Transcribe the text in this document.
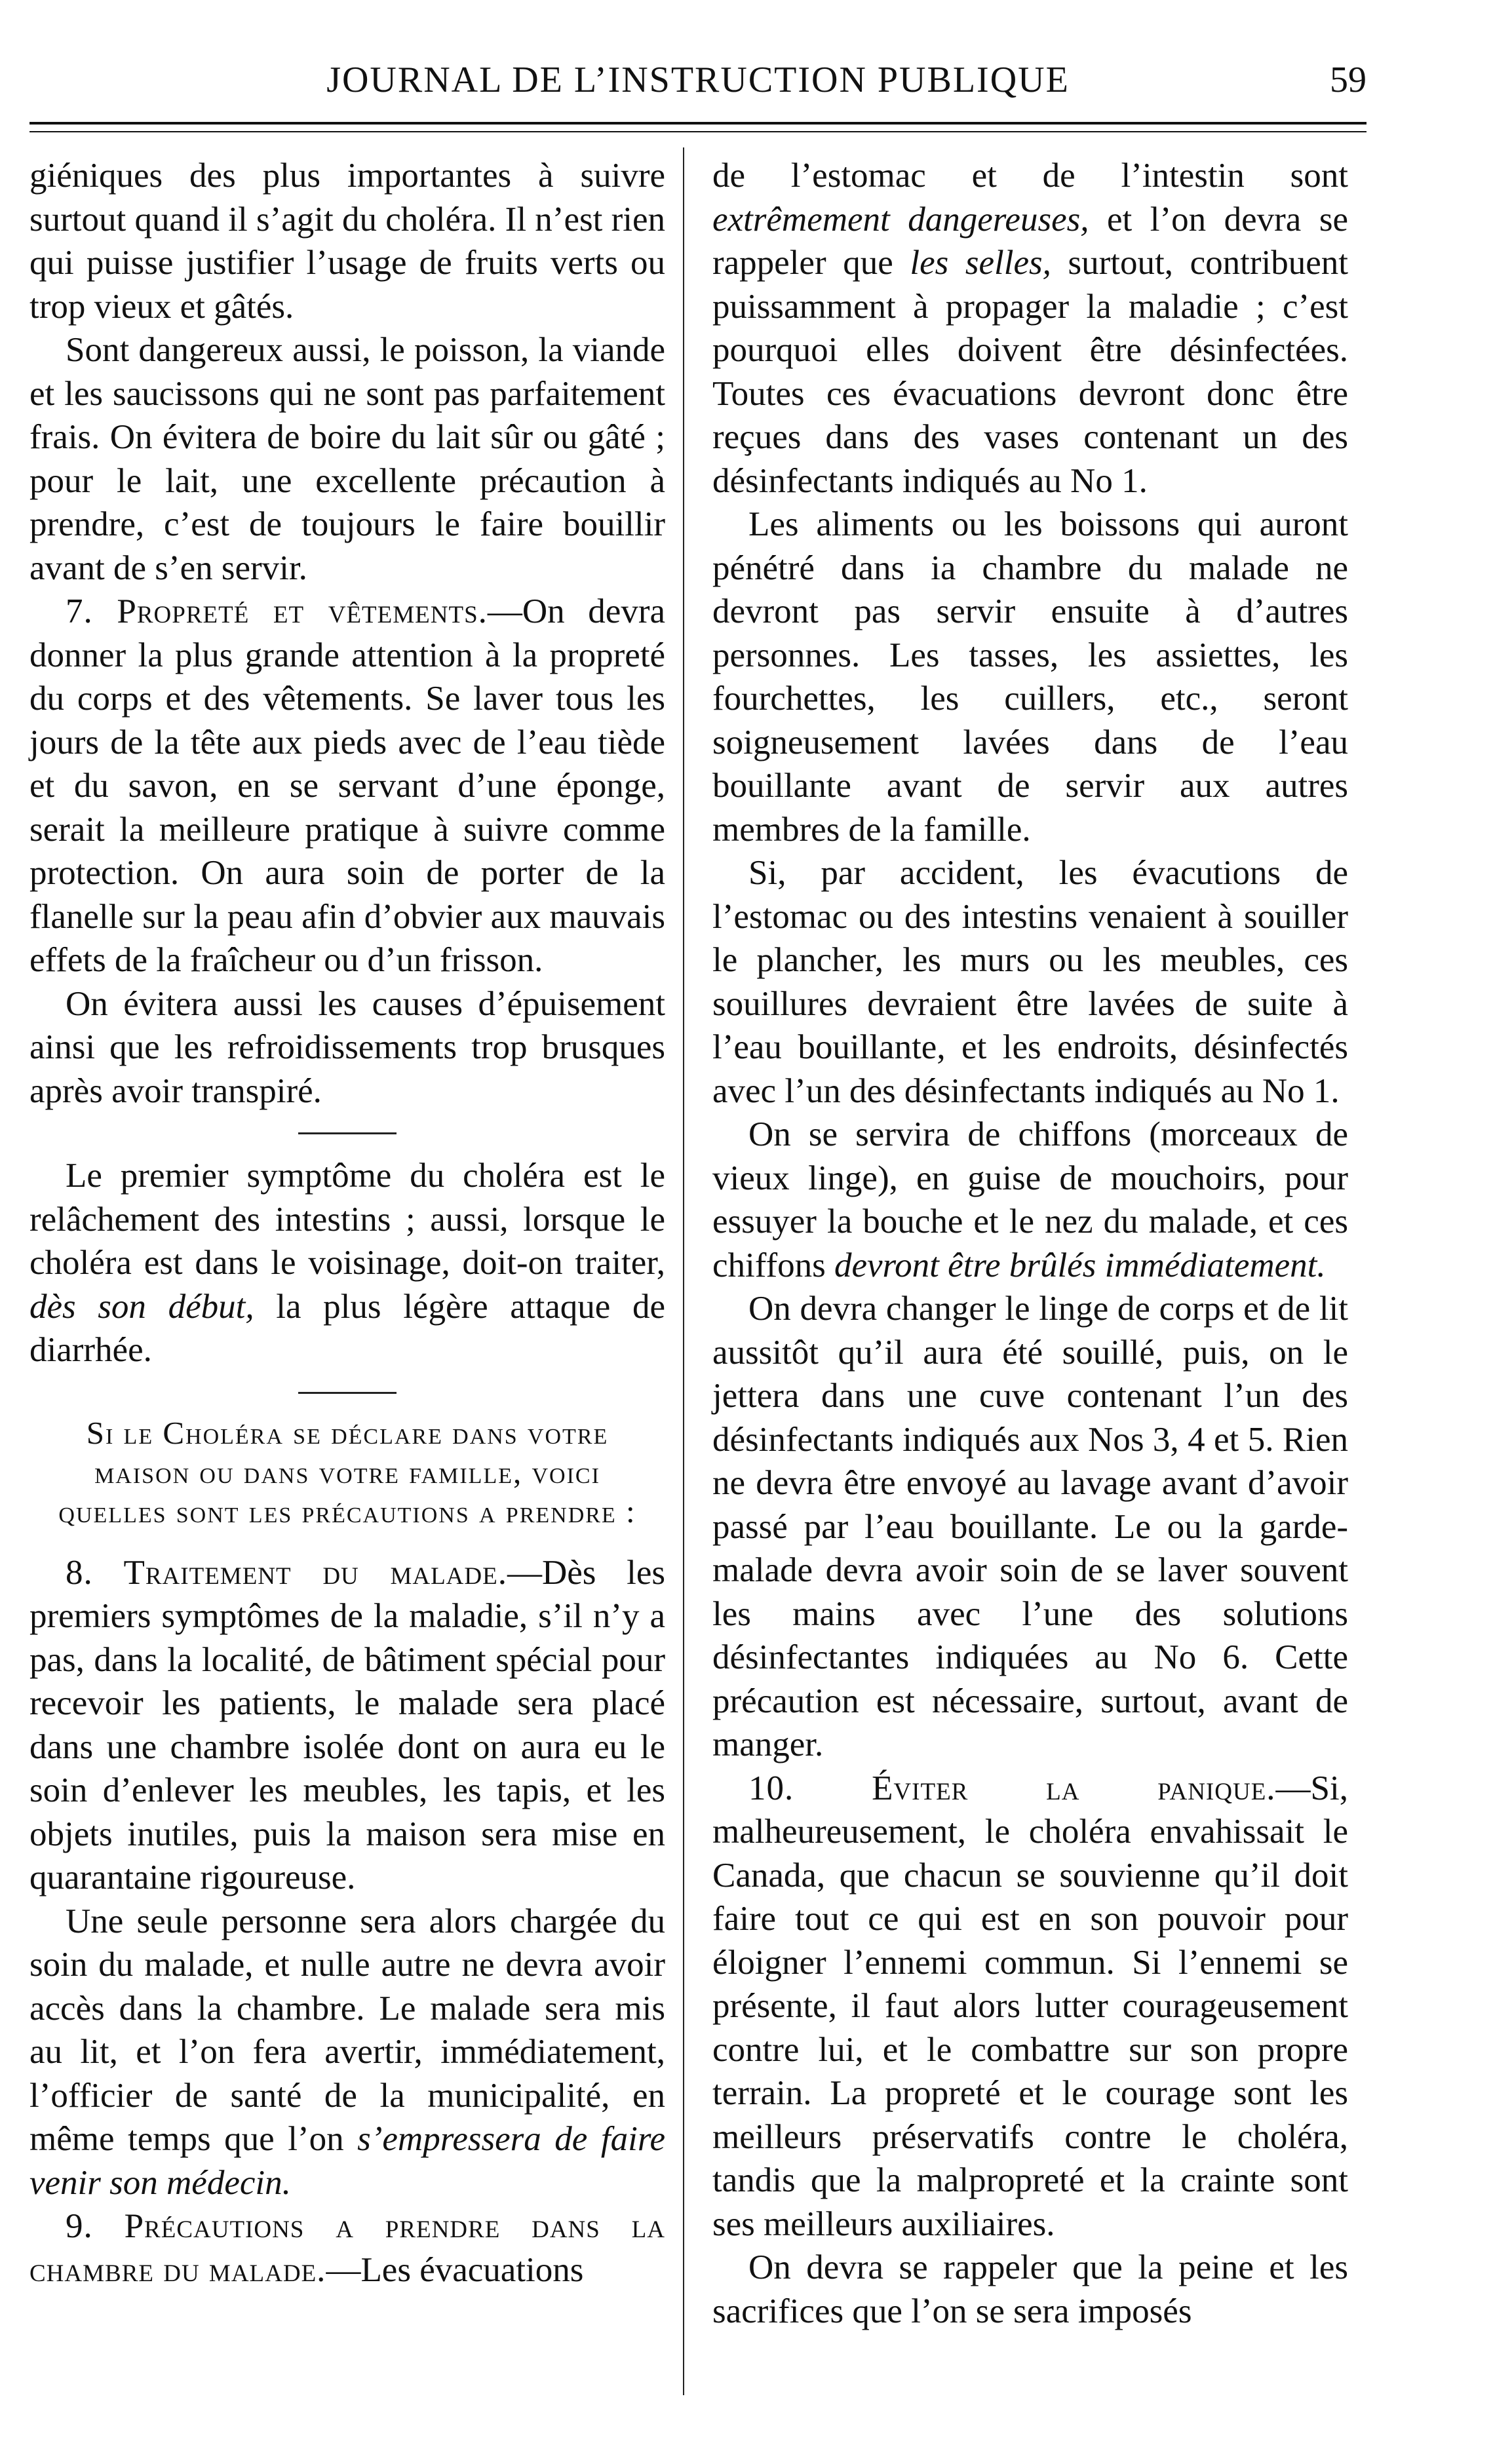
JOURNAL DE L’INSTRUCTION PUBLIQUE	59

giéniques des plus importantes à suivre surtout quand il s’agit du choléra. Il n’est rien qui puisse justifier l’usage de fruits verts ou trop vieux et gâtés.

Sont dangereux aussi, le poisson, la viande et les saucissons qui ne sont pas parfaitement frais. On évitera de boire du lait sûr ou gâté ; pour le lait, une excellente précaution à prendre, c’est de toujours le faire bouillir avant de s’en servir.

7. Propreté et vêtements.—On devra donner la plus grande attention à la propreté du corps et des vêtements. Se laver tous les jours de la tête aux pieds avec de l’eau tiède et du savon, en se servant d’une éponge, serait la meilleure pratique à suivre comme protection. On aura soin de porter de la flanelle sur la peau afin d’obvier aux mauvais effets de la fraîcheur ou d’un frisson.

On évitera aussi les causes d’épuisement ainsi que les refroidissements trop brusques après avoir transpiré.

Le premier symptôme du choléra est le relâchement des intestins ; aussi, lorsque le choléra est dans le voisinage, doit-on traiter, dès son début, la plus légère attaque de diarrhée.

Si le Choléra se déclare dans votre maison ou dans votre famille, voici quelles sont les précautions a prendre :

8. Traitement du malade.—Dès les premiers symptômes de la maladie, s’il n’y a pas, dans la localité, de bâtiment spécial pour recevoir les patients, le malade sera placé dans une chambre isolée dont on aura eu le soin d’enlever les meubles, les tapis, et les objets inutiles, puis la maison sera mise en quarantaine rigoureuse.

Une seule personne sera alors chargée du soin du malade, et nulle autre ne devra avoir accès dans la chambre. Le malade sera mis au lit, et l’on fera avertir, immédiatement, l’officier de santé de la municipalité, en même temps que l’on s’empressera de faire venir son médecin.

9. Précautions a prendre dans la chambre du malade.—Les évacuations

de l’estomac et de l’intestin sont extrêmement dangereuses, et l’on devra se rappeler que les selles, surtout, contribuent puissamment à propager la maladie ; c’est pourquoi elles doivent être désinfectées. Toutes ces évacuations devront donc être reçues dans des vases contenant un des désinfectants indiqués au No 1.

Les aliments ou les boissons qui auront pénétré dans ia chambre du malade ne devront pas servir ensuite à d’autres personnes. Les tasses, les assiettes, les fourchettes, les cuillers, etc., seront soigneusement lavées dans de l’eau bouillante avant de servir aux autres membres de la famille.

Si, par accident, les évacutions de l’estomac ou des intestins venaient à souiller le plancher, les murs ou les meubles, ces souillures devraient être lavées de suite à l’eau bouillante, et les endroits, désinfectés avec l’un des désinfectants indiqués au No 1.

On se servira de chiffons (morceaux de vieux linge), en guise de mouchoirs, pour essuyer la bouche et le nez du malade, et ces chiffons devront être brûlés immédiatement.

On devra changer le linge de corps et de lit aussitôt qu’il aura été souillé, puis, on le jettera dans une cuve contenant l’un des désinfectants indiqués aux Nos 3, 4 et 5. Rien ne devra être envoyé au lavage avant d’avoir passé par l’eau bouillante. Le ou la garde-malade devra avoir soin de se laver souvent les mains avec l’une des solutions désinfectantes indiquées au No 6. Cette précaution est nécessaire, surtout, avant de manger.

10. Éviter la panique.—Si, malheureusement, le choléra envahissait le Canada, que chacun se souvienne qu’il doit faire tout ce qui est en son pouvoir pour éloigner l’ennemi commun. Si l’ennemi se présente, il faut alors lutter courageusement contre lui, et le combattre sur son propre terrain. La propreté et le courage sont les meilleurs préservatifs contre le choléra, tandis que la malpropreté et la crainte sont ses meilleurs auxiliaires.

On devra se rappeler que la peine et les sacrifices que l’on se sera imposés
